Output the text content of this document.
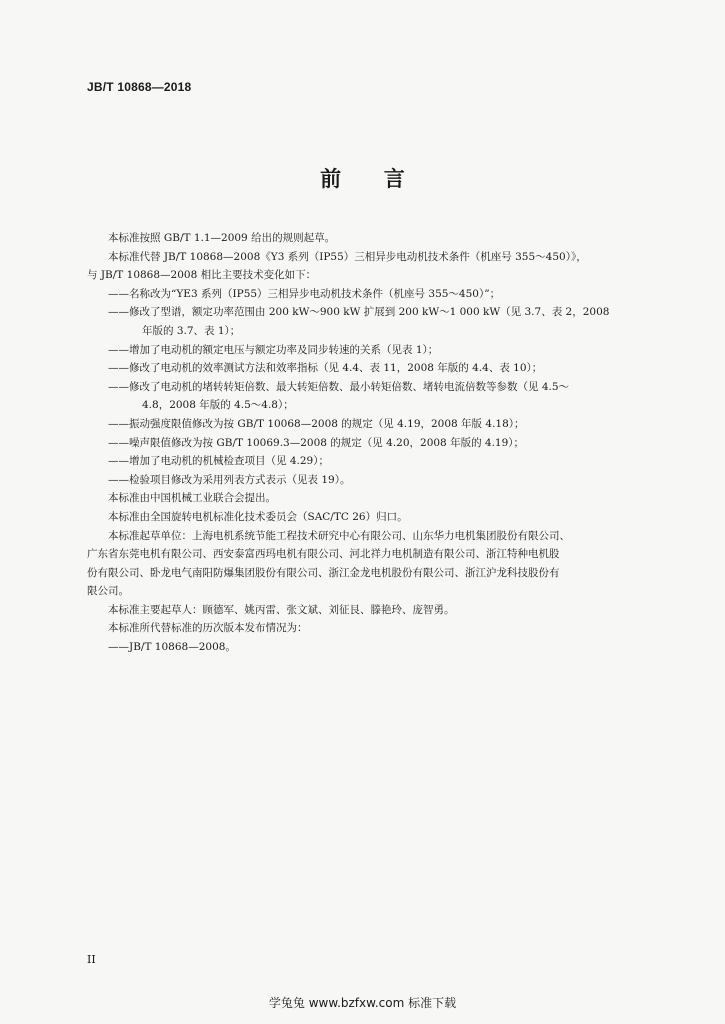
JB/T 10868—2018
前　　言

本标准按照 GB/T 1.1—2009 给出的规则起草。

本标准代替 JB/T 10868—2008《Y3 系列（IP55）三相异步电动机技术条件（机座号 355～450）》，

与 JB/T 10868—2008 相比主要技术变化如下：

——名称改为“YE3 系列（IP55）三相异步电动机技术条件（机座号 355～450）”；

——修改了型谱，额定功率范围由 200 kW～900 kW 扩展到 200 kW～1 000 kW（见 3.7、表 2，2008

年版的 3.7、表 1）；

——增加了电动机的额定电压与额定功率及同步转速的关系（见表 1）；

——修改了电动机的效率测试方法和效率指标（见 4.4、表 11，2008 年版的 4.4、表 10）；

——修改了电动机的堵转转矩倍数、最大转矩倍数、最小转矩倍数、堵转电流倍数等参数（见 4.5～

4.8，2008 年版的 4.5～4.8）；

——振动强度限值修改为按 GB/T 10068—2008 的规定（见 4.19，2008 年版 4.18）；

——噪声限值修改为按 GB/T 10069.3—2008 的规定（见 4.20，2008 年版的 4.19）；

——增加了电动机的机械检查项目（见 4.29）；

——检验项目修改为采用列表方式表示（见表 19）。

本标准由中国机械工业联合会提出。

本标准由全国旋转电机标准化技术委员会（SAC/TC 26）归口。

本标准起草单位：上海电机系统节能工程技术研究中心有限公司、山东华力电机集团股份有限公司、

广东省东莞电机有限公司、西安泰富西玛电机有限公司、河北祥力电机制造有限公司、浙江特种电机股

份有限公司、卧龙电气南阳防爆集团股份有限公司、浙江金龙电机股份有限公司、浙江沪龙科技股份有

限公司。

本标准主要起草人：顾德军、姚丙雷、张文斌、刘征艮、滕艳玲、庞智勇。

本标准所代替标准的历次版本发布情况为：

——JB/T 10868—2008。

II
学兔兔 www.bzfxw.com 标准下载
